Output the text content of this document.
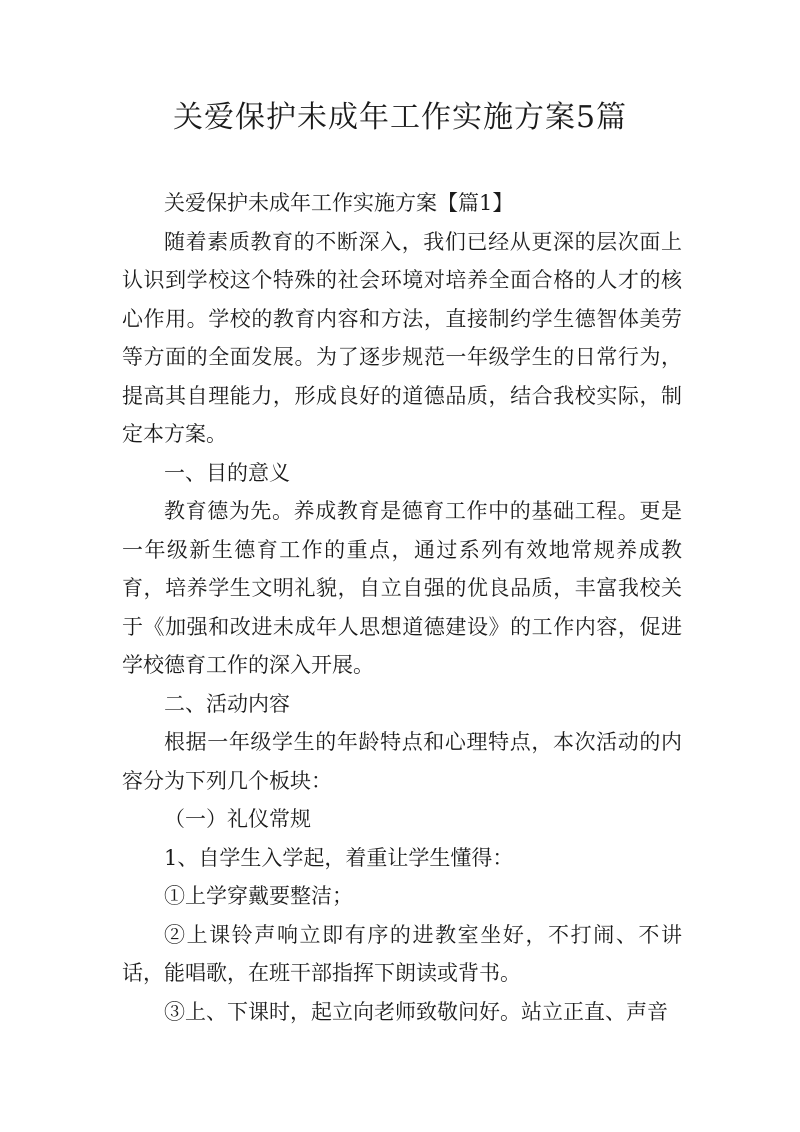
关爱保护未成年工作实施方案5篇

关爱保护未成年工作实施方案【篇1】

随着素质教育的不断深入，我们已经从更深的层次面上认识到学校这个特殊的社会环境对培养全面合格的人才的核心作用。学校的教育内容和方法，直接制约学生德智体美劳等方面的全面发展。为了逐步规范一年级学生的日常行为，提高其自理能力，形成良好的道德品质，结合我校实际，制定本方案。

一、目的意义

教育德为先。养成教育是德育工作中的基础工程。更是一年级新生德育工作的重点，通过系列有效地常规养成教育，培养学生文明礼貌，自立自强的优良品质，丰富我校关于《加强和改进未成年人思想道德建设》的工作内容，促进学校德育工作的深入开展。

二、活动内容

根据一年级学生的年龄特点和心理特点，本次活动的内容分为下列几个板块：

（一）礼仪常规

1、自学生入学起，着重让学生懂得：

①上学穿戴要整洁；

②上课铃声响立即有序的进教室坐好，不打闹、不讲话，能唱歌，在班干部指挥下朗读或背书。

③上、下课时，起立向老师致敬问好。站立正直、声音
